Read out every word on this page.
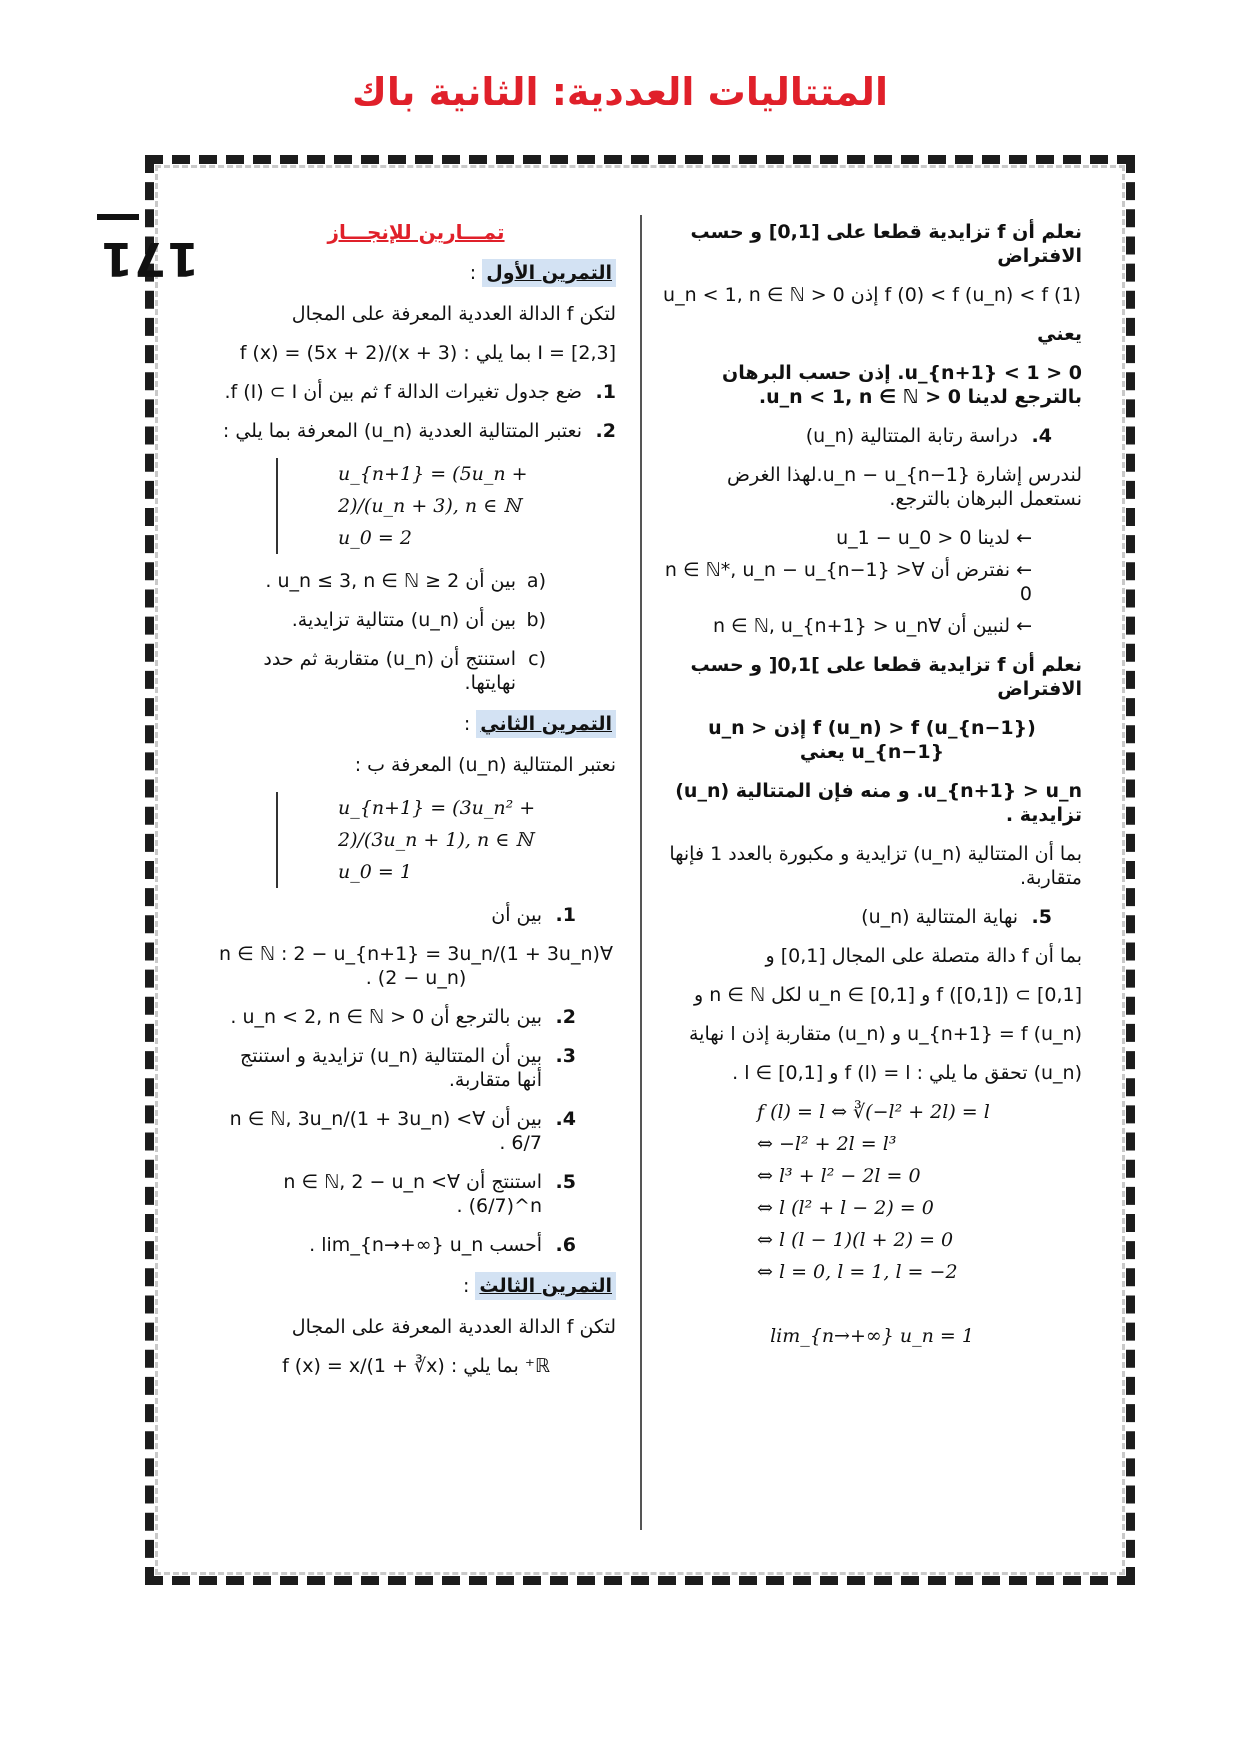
المتتاليات العددية: الثانية باك
171	نعلم أن f تزايدية قطعا على [0,1] و حسب الافتراض
f (0) < f (u_n) < f (1) إذن 0 < u_n < 1, n ∈ ℕ
يعني
0 < u_{n+1} < 1. إذن حسب البرهان بالترجع لدينا 0 < u_n < 1, n ∈ ℕ.
4.
دراسة رتابة المتتالية (u_n)
لندرس إشارة u_n − u_{n−1}.لهذا الغرض نستعمل البرهان بالترجع.
← لدينا u_1 − u_0 > 0
← نفترض أن ∀n ∈ ℕ*, u_n − u_{n−1} > 0
← لنبين أن ∀n ∈ ℕ, u_{n+1} > u_n
نعلم أن f تزايدية قطعا على ]0,1[ و حسب الافتراض
f (u_n) > f (u_{n−1}) إذن u_n > u_{n−1} يعني
u_{n+1} > u_n. و منه فإن المتتالية (u_n) تزايدية .
بما أن المتتالية (u_n) تزايدية و مكبورة بالعدد 1 فإنها متقاربة.
5.
نهاية المتتالية (u_n)
بما أن f دالة متصلة على المجال [0,1] و
f ([0,1]) ⊂ [0,1] و u_n ∈ [0,1] لكل n ∈ ℕ و
u_{n+1} = f (u_n) و (u_n) متقاربة إذن l نهاية
(u_n) تحقق ما يلي : f (l) = l و l ∈ [0,1] .
f (l) = l ⇔ ∛(−l² + 2l) = l
⇔ −l² + 2l = l³
⇔ l³ + l² − 2l = 0
⇔ l (l² + l − 2) = 0
⇔ l (l − 1)(l + 2) = 0
⇔ l = 0, l = 1, l = −2
lim_{n→+∞} u_n = 1
تمـــارين للإنجـــاز
التمرين الأول :
لتكن f الدالة العددية المعرفة على المجال
I = [2,3] بما يلي : f (x) = (5x + 2)/(x + 3)
1.
ضع جدول تغيرات الدالة f ثم بين أن f (I) ⊂ I.
2.
نعتبر المتتالية العددية (u_n) المعرفة بما يلي :
u_{n+1} = (5u_n + 2)/(u_n + 3), n ∈ ℕ
u_0 = 2
(a
بين أن 2 ≤ u_n ≤ 3, n ∈ ℕ .
(b
بين أن (u_n) متتالية تزايدية.
(c
استنتج أن (u_n) متقاربة ثم حدد نهايتها.
التمرين الثاني :
نعتبر المتتالية (u_n) المعرفة ب :
u_{n+1} = (3u_n² + 2)/(3u_n + 1), n ∈ ℕ
u_0 = 1
1.
بين أن
∀n ∈ ℕ : 2 − u_{n+1} = 3u_n/(1 + 3u_n) (2 − u_n) .
2.
بين بالترجع أن 0 < u_n < 2, n ∈ ℕ .
3.
بين أن المتتالية (u_n) تزايدية و استنتج أنها متقاربة.
4.
بين أن ∀n ∈ ℕ, 3u_n/(1 + 3u_n) < 6/7 .
5.
استنتج أن ∀n ∈ ℕ, 2 − u_n < (6/7)^n .
6.
أحسب lim_{n→+∞} u_n .
التمرين الثالث :
لتكن f الدالة العددية المعرفة على المجال
ℝ⁺ بما يلي : f (x) = x/(1 + ∛x)
